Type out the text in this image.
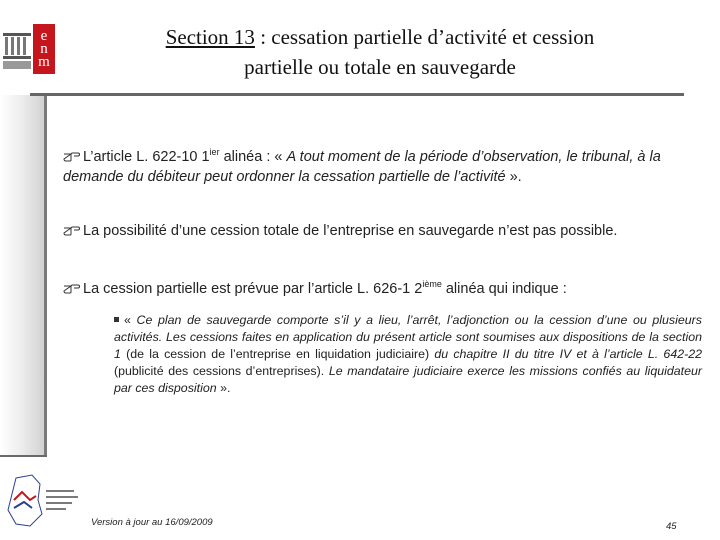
e
n
m
Section 13 : cessation partielle d’activité et cession
partielle ou totale en sauvegarde
L’article L. 622-10 $1^{ier}$ alinéa : « A tout moment de la période d’observation, le tribunal, à la demande du débiteur peut ordonner la cessation partielle de l’activité ».
La possibilité d’une cession totale de l’entreprise en sauvegarde n’est pas possible.
La cession partielle est prévue par l’article L. 626-1 2ième alinéa qui indique :
« Ce plan de sauvegarde comporte s’il y a lieu, l’arrêt, l’adjonction ou la cession d’une ou plusieurs activités. Les cessions faites en application du présent article sont soumises aux dispositions de la section 1 (de la cession de l’entreprise en liquidation judiciaire) du chapitre II du titre IV et à l’article L. 642-22 (publicité des cessions d’entreprises). Le mandataire judiciaire exerce les missions confiés au liquidateur par ces disposition ».
Version à jour au 16/09/2009	45
